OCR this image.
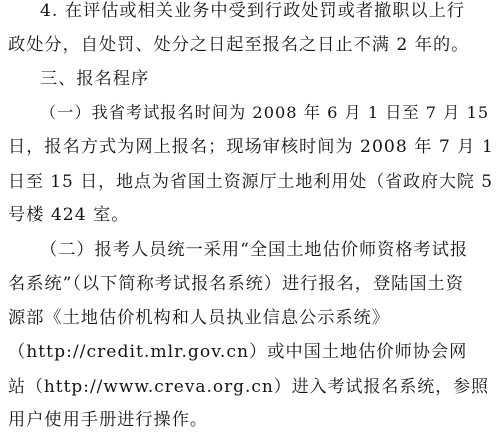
4. 在评估或相关业务中受到行政处罚或者撤职以上行
政处分，自处罚、处分之日起至报名之日止不满 2 年的。
三、报名程序
（一）我省考试报名时间为 2008 年 6 月 1 日至 7 月 15
日，报名方式为网上报名；现场审核时间为 2008 年 7 月 1
日至 15 日，地点为省国土资源厅土地利用处（省政府大院 5
号楼 424 室。
（二）报考人员统一采用“全国土地估价师资格考试报
名系统”（以下简称考试报名系统）进行报名，登陆国土资
源部《土地估价机构和人员执业信息公示系统》
（http://credit.mlr.gov.cn）或中国土地估价师协会网
站（http://www.creva.org.cn）进入考试报名系统，参照
用户使用手册进行操作。
